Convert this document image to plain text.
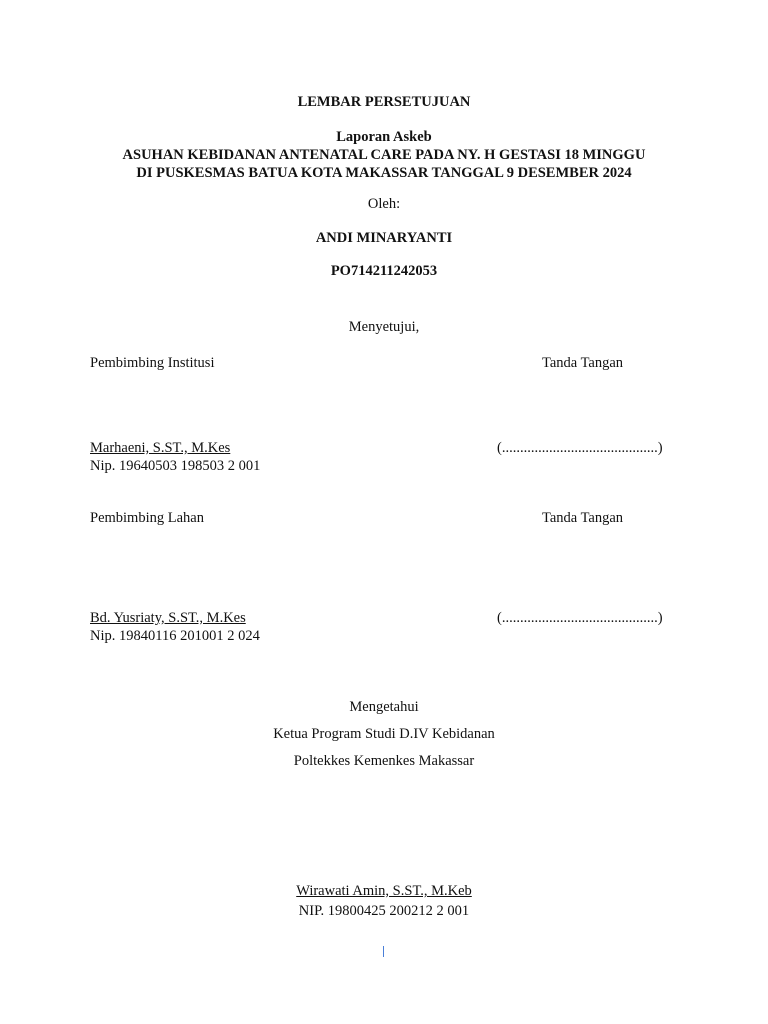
LEMBAR PERSETUJUAN
Laporan Askeb
ASUHAN KEBIDANAN ANTENATAL CARE PADA NY. H GESTASI 18 MINGGU
DI PUSKESMAS BATUA KOTA MAKASSAR TANGGAL 9 DESEMBER 2024
Oleh:
ANDI MINARYANTI
PO714211242053
Menyetujui,
Pembimbing Institusi	Tanda Tangan
Marhaeni, S.ST., M.Kes	(...........................................)
Nip. 19640503 198503 2 001
Pembimbing Lahan	Tanda Tangan
Bd. Yusriaty, S.ST., M.Kes	(...........................................)
Nip. 19840116 201001 2 024
Mengetahui
Ketua Program Studi D.IV Kebidanan
Poltekkes Kemenkes Makassar
Wirawati Amin, S.ST., M.Keb
NIP. 19800425 200212 2 001
